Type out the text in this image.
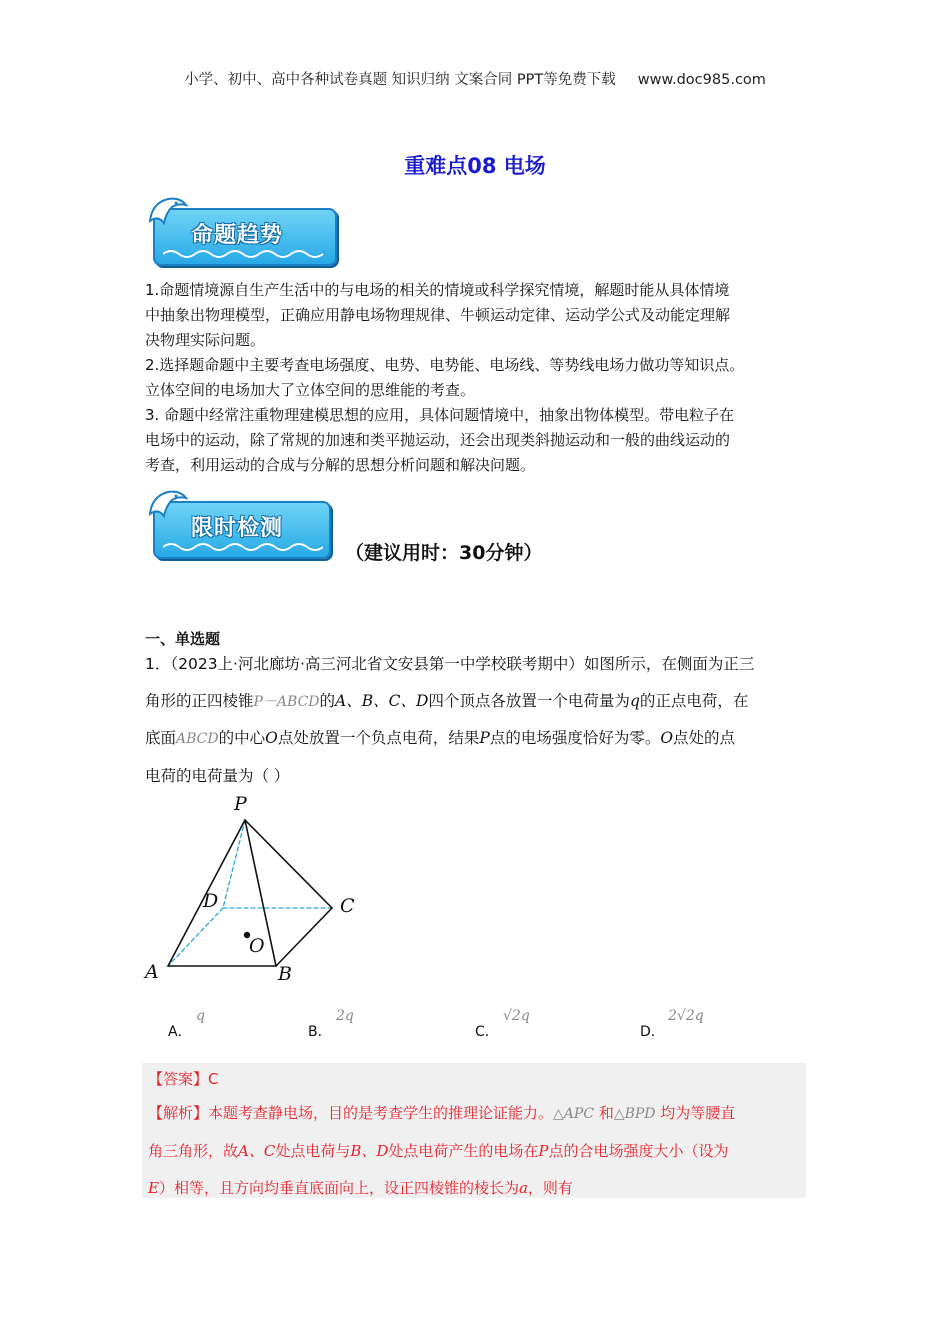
小学、初中、高中各种试卷真题 知识归纳 文案合同 PPT等免费下载 www.doc985.com
重难点08 电场
命题趋势

1.命题情境源自生产生活中的与电场的相关的情境或科学探究情境，解题时能从具体情境

中抽象出物理模型，正确应用静电场物理规律、牛顿运动定律、运动学公式及动能定理解

决物理实际问题。

2.选择题命题中主要考查电场强度、电势、电势能、电场线、等势线电场力做功等知识点。

立体空间的电场加大了立体空间的思维能的考查。

3. 命题中经常注重物理建模思想的应用，具体问题情境中，抽象出物体模型。带电粒子在

电场中的运动，除了常规的加速和类平抛运动，还会出现类斜抛运动和一般的曲线运动的

考查，利用运动的合成与分解的思想分析问题和解决问题。

限时检测
（建议用时：30分钟）
一、单选题
1．（2023上·河北廊坊·高三河北省文安县第一中学校联考期中）如图所示，在侧面为正三
角形的正四棱锥P－ABCD的A、B、C、D四个顶点各放置一个电荷量为q的正点电荷，在
底面ABCD的中心O点处放置一个负点电荷，结果P点的电场强度恰好为零。O点处的点
电荷的电荷量为（ ）
P
D	C
O
A	B
A．
q
B．
2q
C．
√2q
D．
2√2q
【答案】C
【解析】本题考查静电场，目的是考查学生的推理论证能力。△APC 和△BPD 均为等腰直
角三角形，故A、C处点电荷与B、D处点电荷产生的电场在P点的合电场强度大小（设为
E）相等，且方向均垂直底面向上，设正四棱锥的棱长为a，则有
